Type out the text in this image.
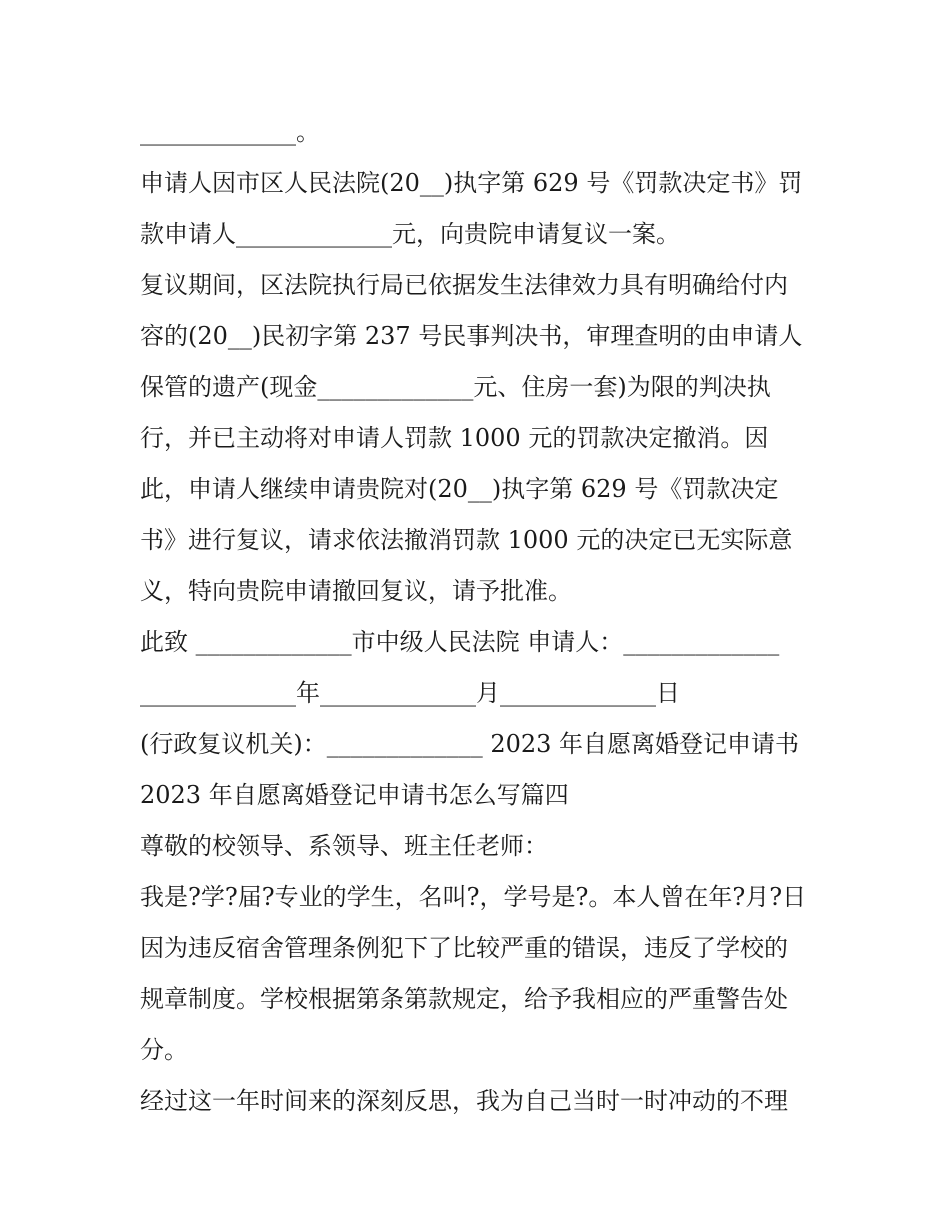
_____________。
申请人因市区人民法院(20__)执字第 629 号《罚款决定书》罚
款申请人_____________元，向贵院申请复议一案。
复议期间，区法院执行局已依据发生法律效力具有明确给付内
容的(20__)民初字第 237 号民事判决书，审理查明的由申请人
保管的遗产(现金_____________元、住房一套)为限的判决执
行，并已主动将对申请人罚款 1000 元的罚款决定撤消。因
此，申请人继续申请贵院对(20__)执字第 629 号《罚款决定
书》进行复议，请求依法撤消罚款 1000 元的决定已无实际意
义，特向贵院申请撤回复议，请予批准。
此致 _____________市中级人民法院 申请人：_____________
_____________年_____________月_____________日
(行政复议机关)：_____________ 2023 年自愿离婚登记申请书
2023 年自愿离婚登记申请书怎么写篇四
尊敬的校领导、系领导、班主任老师：
我是?学?届?专业的学生，名叫?，学号是?。本人曾在年?月?日
因为违反宿舍管理条例犯下了比较严重的错误，违反了学校的
规章制度。学校根据第条第款规定，给予我相应的严重警告处
分。
经过这一年时间来的深刻反思，我为自己当时一时冲动的不理
